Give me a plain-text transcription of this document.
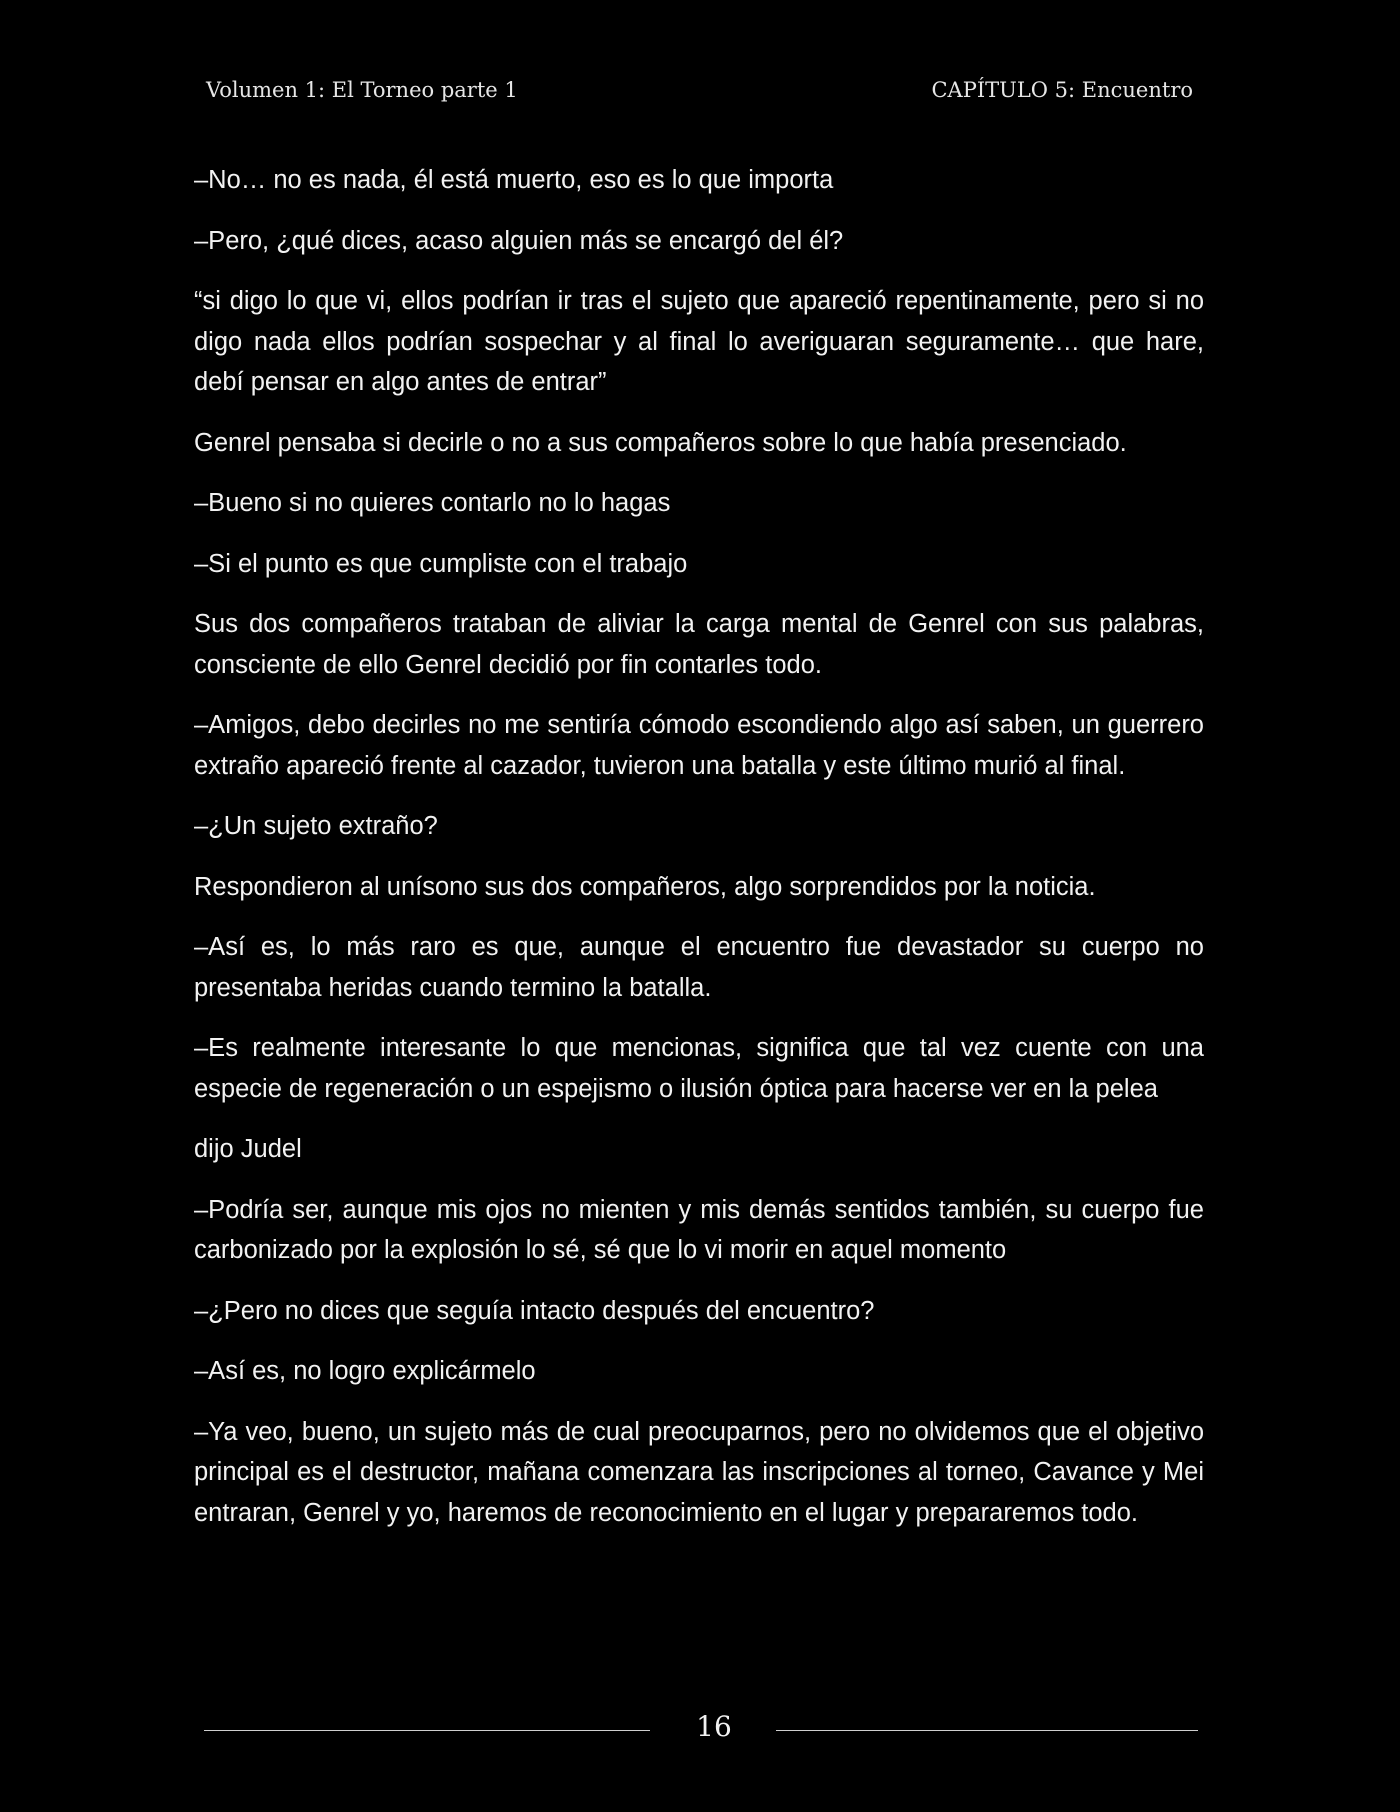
Volumen 1: El Torneo parte 1	CAPÍTULO 5: Encuentro

–No… no es nada, él está muerto, eso es lo que importa

–Pero, ¿qué dices, acaso alguien más se encargó del él?

“si digo lo que vi, ellos podrían ir tras el sujeto que apareció repentinamente, pero si no digo nada ellos podrían sospechar y al final lo averiguaran seguramente… que hare, debí pensar en algo antes de entrar”

Genrel pensaba si decirle o no a sus compañeros sobre lo que había presenciado.

–Bueno si no quieres contarlo no lo hagas

–Si el punto es que cumpliste con el trabajo

Sus dos compañeros trataban de aliviar la carga mental de Genrel con sus palabras, consciente de ello Genrel decidió por fin contarles todo.

–Amigos, debo decirles no me sentiría cómodo escondiendo algo así saben, un guerrero extraño apareció frente al cazador, tuvieron una batalla y este último murió al final.

–¿Un sujeto extraño?

Respondieron al unísono sus dos compañeros, algo sorprendidos por la noticia.

–Así es, lo más raro es que, aunque el encuentro fue devastador su cuerpo no presentaba heridas cuando termino la batalla.

–Es realmente interesante lo que mencionas, significa que tal vez cuente con una especie de regeneración o un espejismo o ilusión óptica para hacerse ver en la pelea

dijo Judel

–Podría ser, aunque mis ojos no mienten y mis demás sentidos también, su cuerpo fue carbonizado por la explosión lo sé, sé que lo vi morir en aquel momento

–¿Pero no dices que seguía intacto después del encuentro?

–Así es, no logro explicármelo

–Ya veo, bueno, un sujeto más de cual preocuparnos, pero no olvidemos que el objetivo principal es el destructor, mañana comenzara las inscripciones al torneo, Cavance y Mei entraran, Genrel y yo, haremos de reconocimiento en el lugar y prepararemos todo.

16
